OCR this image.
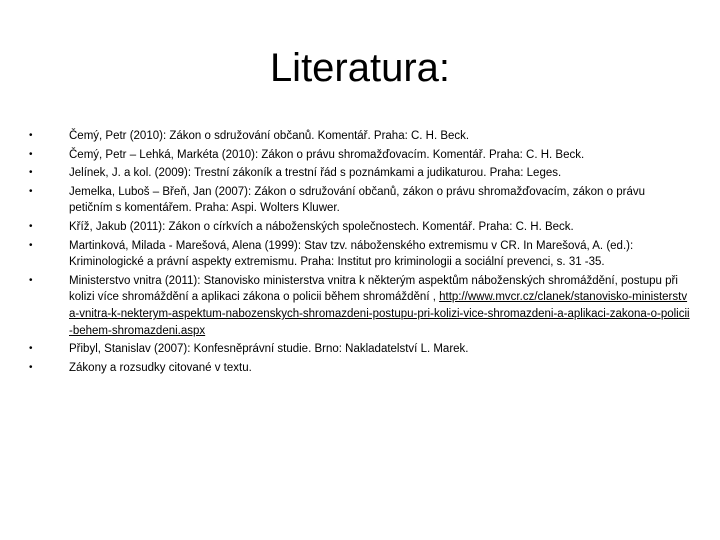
Literatura:
•	Čemý, Petr (2010): Zákon o sdružování občanů. Komentář. Praha: C. H. Beck.
•	Čemý, Petr – Lehká, Markéta (2010): Zákon o právu shromažďovacím. Komentář. Praha: C. H. Beck.
•	Jelínek, J. a kol. (2009): Trestní zákoník a trestní řád s poznámkami a judikaturou. Praha: Leges.
•	Jemelka, Luboš – Břeň, Jan (2007): Zákon o sdružování občanů, zákon o právu shromažďovacím, zákon o právu petičním s komentářem. Praha: Aspi. Wolters Kluwer.
•	Kříž, Jakub (2011): Zákon o církvích a náboženských společnostech. Komentář. Praha: C. H. Beck.
•	Martinková, Milada - Marešová, Alena (1999): Stav tzv. náboženského extremismu v CR. In Marešová, A. (ed.): Kriminologické a právní aspekty extremismu. Praha: Institut pro kriminologii a sociální prevenci, s. 31 -35.
•	Ministerstvo vnitra (2011): Stanovisko ministerstva vnitra k některým aspektům náboženských shromáždění, postupu při kolizi více shromáždění a aplikaci zákona o policii během shromáždění , http://www.mvcr.cz/clanek/stanovisko-ministerstva-vnitra-k-nekterym-aspektum-nabozenskych-shromazdeni-postupu-pri-kolizi-vice-shromazdeni-a-aplikaci-zakona-o-policii-behem-shromazdeni.aspx
•	Přibyl, Stanislav (2007): Konfesněprávní studie. Brno: Nakladatelství L. Marek.
•	Zákony a rozsudky citované v textu.
